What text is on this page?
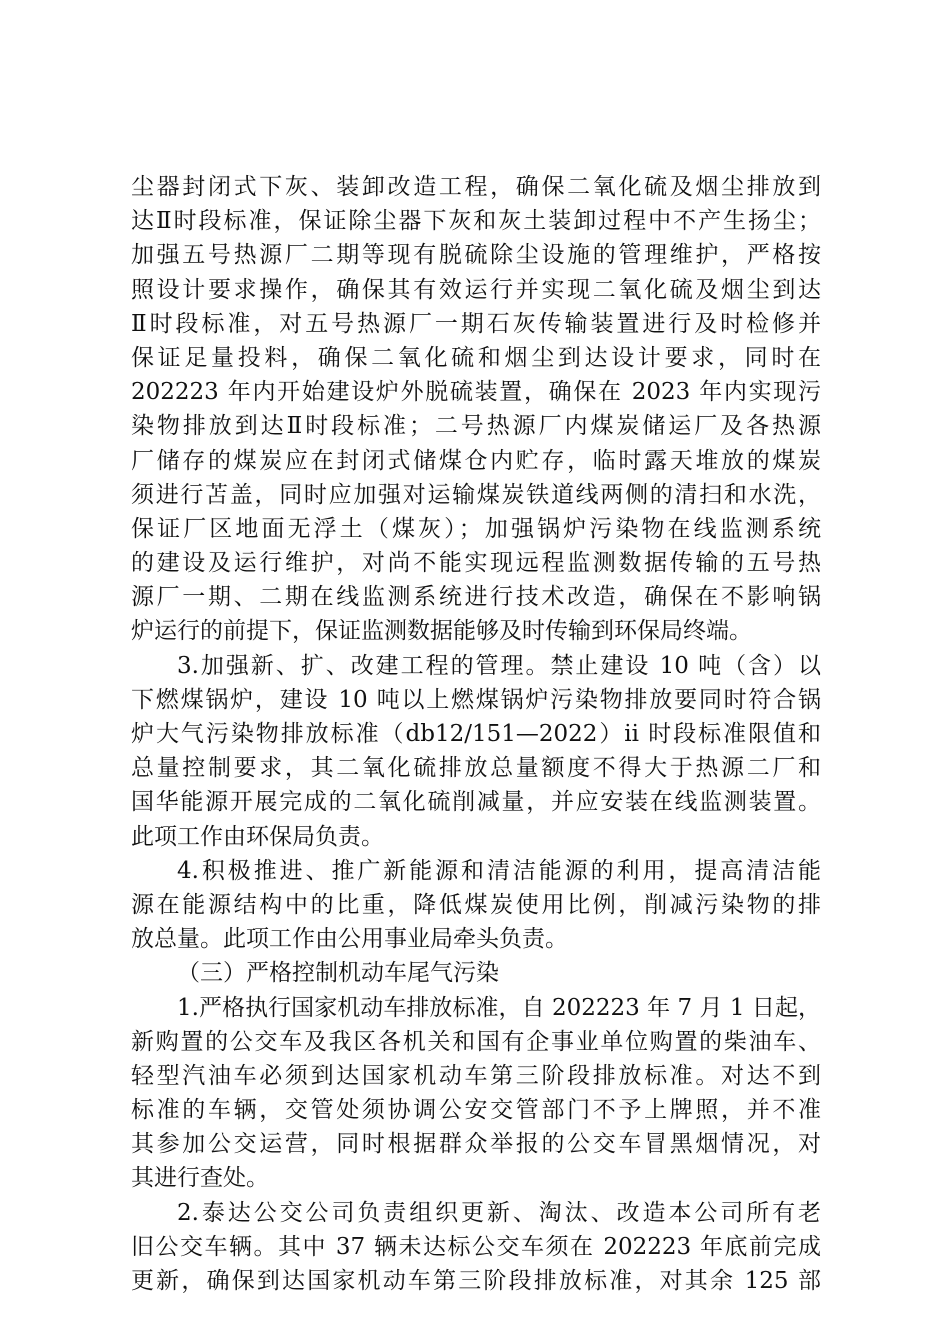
尘器封闭式下灰、装卸改造工程，确保二氧化硫及烟尘排放到
达Ⅱ时段标准，保证除尘器下灰和灰土装卸过程中不产生扬尘；
加强五号热源厂二期等现有脱硫除尘设施的管理维护，严格按
照设计要求操作，确保其有效运行并实现二氧化硫及烟尘到达
Ⅱ时段标准，对五号热源厂一期石灰传输装置进行及时检修并
保证足量投料，确保二氧化硫和烟尘到达设计要求，同时在
202223 年内开始建设炉外脱硫装置，确保在 2023 年内实现污
染物排放到达Ⅱ时段标准；二号热源厂内煤炭储运厂及各热源
厂储存的煤炭应在封闭式储煤仓内贮存，临时露天堆放的煤炭
须进行苫盖，同时应加强对运输煤炭铁道线两侧的清扫和水洗，
保证厂区地面无浮土（煤灰）；加强锅炉污染物在线监测系统
的建设及运行维护，对尚不能实现远程监测数据传输的五号热
源厂一期、二期在线监测系统进行技术改造，确保在不影响锅
炉运行的前提下，保证监测数据能够及时传输到环保局终端。
3.加强新、扩、改建工程的管理。禁止建设 10 吨（含）以
下燃煤锅炉，建设 10 吨以上燃煤锅炉污染物排放要同时符合锅
炉大气污染物排放标准（db12/151—2022）ii 时段标准限值和
总量控制要求，其二氧化硫排放总量额度不得大于热源二厂和
国华能源开展完成的二氧化硫削减量，并应安装在线监测装置。
此项工作由环保局负责。
4.积极推进、推广新能源和清洁能源的利用，提高清洁能
源在能源结构中的比重，降低煤炭使用比例，削减污染物的排
放总量。此项工作由公用事业局牵头负责。
（三）严格控制机动车尾气污染
1.严格执行国家机动车排放标准，自 202223 年 7 月 1 日起，
新购置的公交车及我区各机关和国有企事业单位购置的柴油车、
轻型汽油车必须到达国家机动车第三阶段排放标准。对达不到
标准的车辆，交管处须协调公安交管部门不予上牌照，并不准
其参加公交运营，同时根据群众举报的公交车冒黑烟情况，对
其进行查处。
2.泰达公交公司负责组织更新、淘汰、改造本公司所有老
旧公交车辆。其中 37 辆未达标公交车须在 202223 年底前完成
更新，确保到达国家机动车第三阶段排放标准，对其余 125 部
